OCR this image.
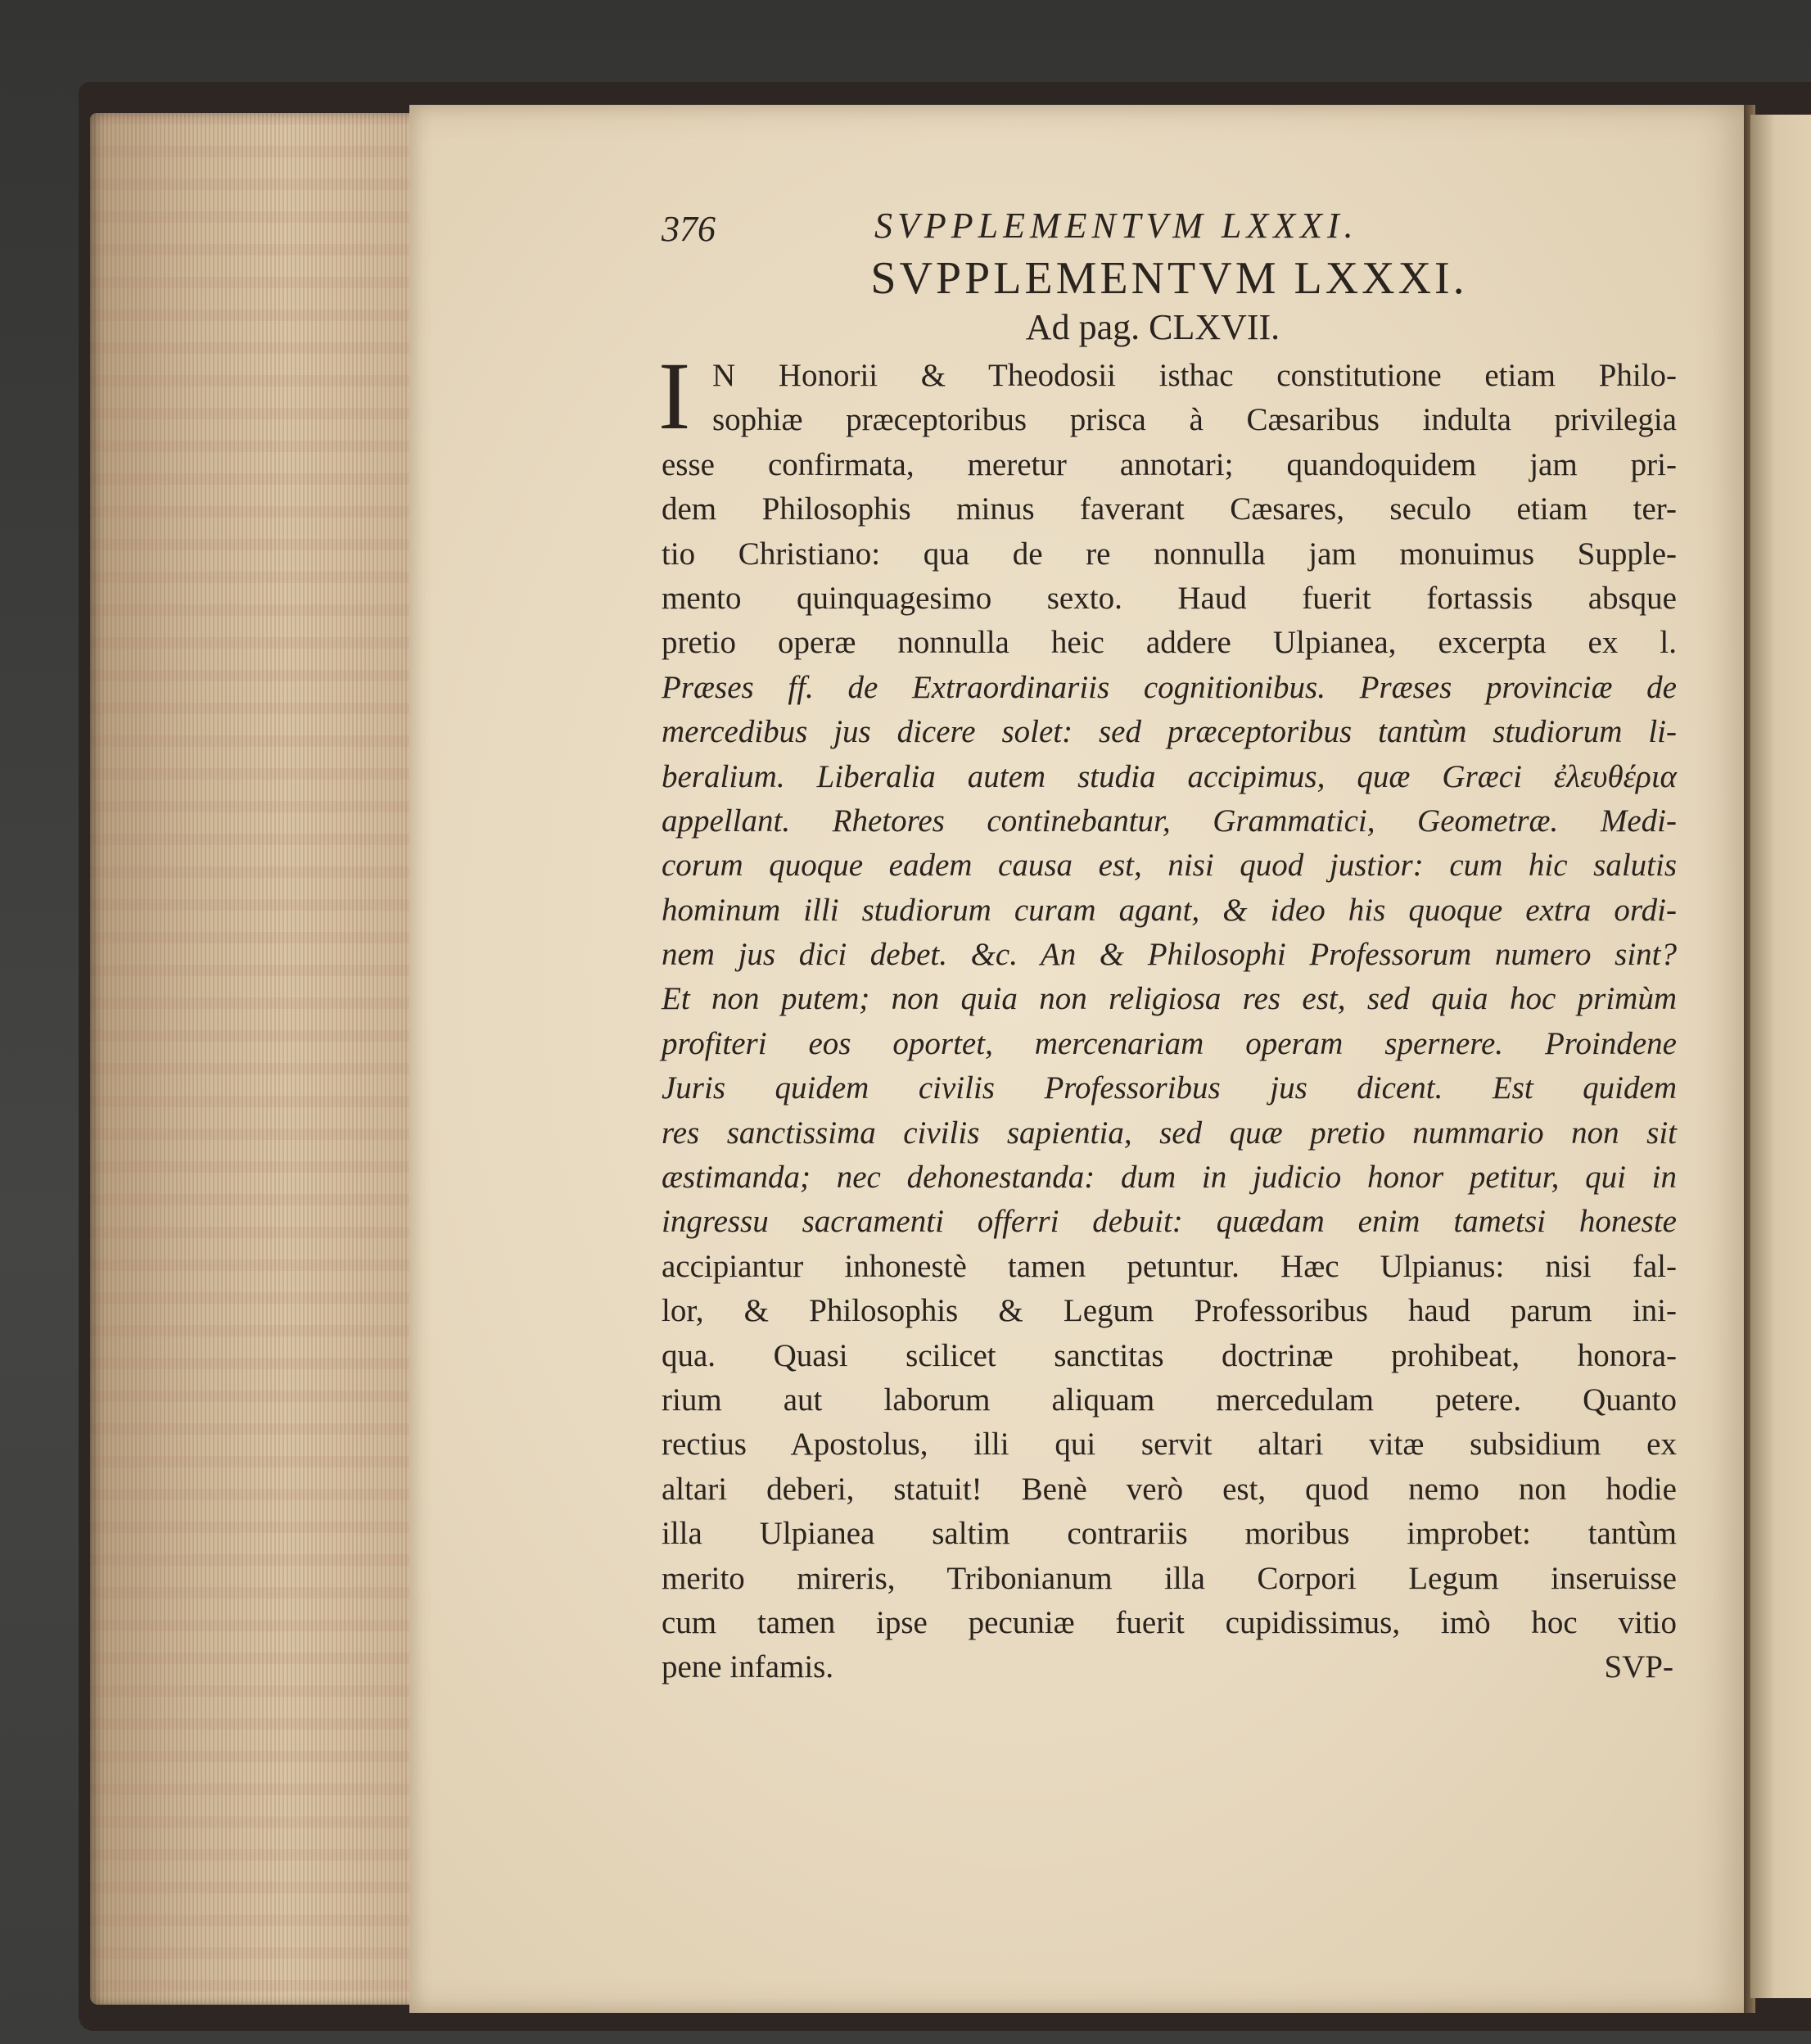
376	SVPPLEMENTVM LXXXI.
SVPPLEMENTVM LXXXI.
Ad pag. CLXVII.
I N Honorii & Theodosii isthac constitutione etiam Philo-
sophiæ præceptoribus prisca à Cæsaribus indulta privilegia
esse confirmata, meretur annotari; quandoquidem jam pri-
dem Philosophis minus faverant Cæsares, seculo etiam ter-
tio Christiano: qua de re nonnulla jam monuimus Supple-
mento quinquagesimo sexto. Haud fuerit fortassis absque
pretio operæ nonnulla heic addere Ulpianea, excerpta ex l.
Præses ff. de Extraordinariis cognitionibus. Præses provinciæ de
mercedibus jus dicere solet: sed præceptoribus tantùm studiorum li-
beralium. Liberalia autem studia accipimus, quæ Græci ἐλευθέρια
appellant. Rhetores continebantur, Grammatici, Geometræ. Medi-
corum quoque eadem causa est, nisi quod justior: cum hic salutis
hominum illi studiorum curam agant, & ideo his quoque extra ordi-
nem jus dici debet. &c. An & Philosophi Professorum numero sint?
Et non putem; non quia non religiosa res est, sed quia hoc primùm
profiteri eos oportet, mercenariam operam spernere. Proindene
Juris quidem civilis Professoribus jus dicent. Est quidem
res sanctissima civilis sapientia, sed quæ pretio nummario non sit
æstimanda; nec dehonestanda: dum in judicio honor petitur, qui in
ingressu sacramenti offerri debuit: quædam enim tametsi honeste
accipiantur inhonestè tamen petuntur. Hæc Ulpianus: nisi fal-
lor, & Philosophis & Legum Professoribus haud parum ini-
qua. Quasi scilicet sanctitas doctrinæ prohibeat, honora-
rium aut laborum aliquam mercedulam petere. Quanto
rectius Apostolus, illi qui servit altari vitæ subsidium ex
altari deberi, statuit! Benè verò est, quod nemo non hodie
illa Ulpianea saltim contrariis moribus improbet: tantùm
merito mireris, Tribonianum illa Corpori Legum inseruisse
cum tamen ipse pecuniæ fuerit cupidissimus, imò hoc vitio
pene infamis.	SVP-
